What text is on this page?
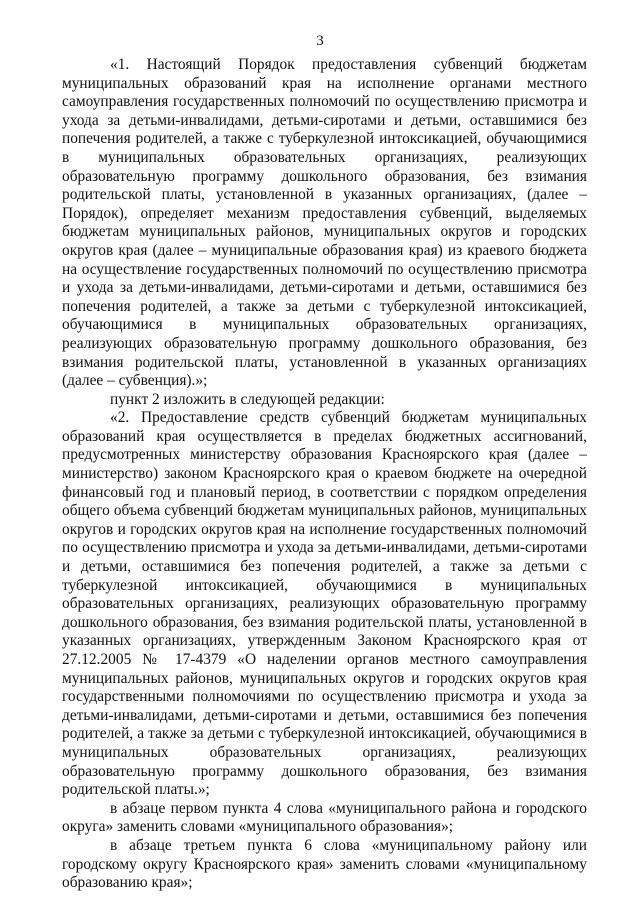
3

«1. Настоящий Порядок предоставления субвенций бюджетам муниципальных образований края на исполнение органами местного самоуправления государственных полномочий по осуществлению присмотра и ухода за детьми-инвалидами, детьми-сиротами и детьми, оставшимися без попечения родителей, а также с туберкулезной интоксикацией, обучающимися в муниципальных образовательных организациях, реализующих образовательную программу дошкольного образования, без взимания родительской платы, установленной в указанных организациях, (далее – Порядок), определяет механизм предоставления субвенций, выделяемых бюджетам муниципальных районов, муниципальных округов и городских округов края (далее – муниципальные образования края) из краевого бюджета на осуществление государственных полномочий по осуществлению присмотра и ухода за детьми-инвалидами, детьми-сиротами и детьми, оставшимися без попечения родителей, а также за детьми с туберкулезной интоксикацией, обучающимися в муниципальных образовательных организациях, реализующих образовательную программу дошкольного образования, без взимания родительской платы, установленной в указанных организациях (далее – субвенция).»;

пункт 2 изложить в следующей редакции:

«2. Предоставление средств субвенций бюджетам муниципальных образований края осуществляется в пределах бюджетных ассигнований, предусмотренных министерству образования Красноярского края (далее – министерство) законом Красноярского края о краевом бюджете на очередной финансовый год и плановый период, в соответствии с порядком определения общего объема субвенций бюджетам муниципальных районов, муниципальных округов и городских округов края на исполнение государственных полномочий по осуществлению присмотра и ухода за детьми-инвалидами, детьми-сиротами и детьми, оставшимися без попечения родителей, а также за детьми с туберкулезной интоксикацией, обучающимися в муниципальных образовательных организациях, реализующих образовательную программу дошкольного образования, без взимания родительской платы, установленной в указанных организациях, утвержденным Законом Красноярского края от 27.12.2005 № 17-4379 «О наделении органов местного самоуправления муниципальных районов, муниципальных округов и городских округов края государственными полномочиями по осуществлению присмотра и ухода за детьми-инвалидами, детьми-сиротами и детьми, оставшимися без попечения родителей, а также за детьми с туберкулезной интоксикацией, обучающимися в муниципальных образовательных организациях, реализующих образовательную программу дошкольного образования, без взимания родительской платы.»;

в абзаце первом пункта 4 слова «муниципального района и городского округа» заменить словами «муниципального образования»;

в абзаце третьем пункта 6 слова «муниципальному району или городскому округу Красноярского края» заменить словами «муниципальному образованию края»;
